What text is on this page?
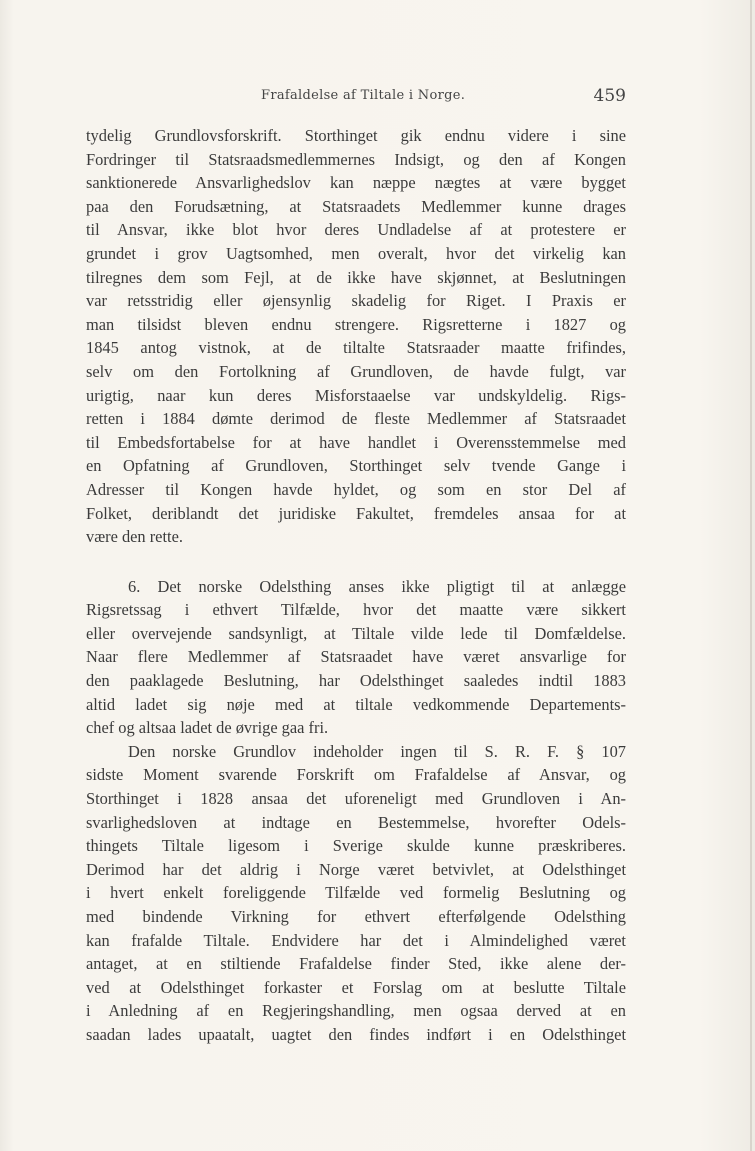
Frafaldelse af Tiltale i Norge.	459
tydelig Grundlovsforskrift. Storthinget gik endnu videre i sine
Fordringer til Statsraadsmedlemmernes Indsigt, og den af Kongen
sanktionerede Ansvarlighedslov kan næppe nægtes at være bygget
paa den Forudsætning, at Statsraadets Medlemmer kunne drages
til Ansvar, ikke blot hvor deres Undladelse af at protestere er
grundet i grov Uagtsomhed, men overalt, hvor det virkelig kan
tilregnes dem som Fejl, at de ikke have skjønnet, at Beslutningen
var retsstridig eller øjensynlig skadelig for Riget. I Praxis er
man tilsidst bleven endnu strengere. Rigsretterne i 1827 og
1845 antog vistnok, at de tiltalte Statsraader maatte frifindes,
selv om den Fortolkning af Grundloven, de havde fulgt, var
urigtig, naar kun deres Misforstaaelse var undskyldelig. Rigs-
retten i 1884 dømte derimod de fleste Medlemmer af Statsraadet
til Embedsfortabelse for at have handlet i Overensstemmelse med
en Opfatning af Grundloven, Storthinget selv tvende Gange i
Adresser til Kongen havde hyldet, og som en stor Del af
Folket, deriblandt det juridiske Fakultet, fremdeles ansaa for at
være den rette.
6. Det norske Odelsthing anses ikke pligtigt til at anlægge
Rigsretssag i ethvert Tilfælde, hvor det maatte være sikkert
eller overvejende sandsynligt, at Tiltale vilde lede til Domfældelse.
Naar flere Medlemmer af Statsraadet have været ansvarlige for
den paaklagede Beslutning, har Odelsthinget saaledes indtil 1883
altid ladet sig nøje med at tiltale vedkommende Departements-
chef og altsaa ladet de øvrige gaa fri.
Den norske Grundlov indeholder ingen til S. R. F. § 107
sidste Moment svarende Forskrift om Frafaldelse af Ansvar, og
Storthinget i 1828 ansaa det uforeneligt med Grundloven i An-
svarlighedsloven at indtage en Bestemmelse, hvorefter Odels-
thingets Tiltale ligesom i Sverige skulde kunne præskriberes.
Derimod har det aldrig i Norge været betvivlet, at Odelsthinget
i hvert enkelt foreliggende Tilfælde ved formelig Beslutning og
med bindende Virkning for ethvert efterfølgende Odelsthing
kan frafalde Tiltale. Endvidere har det i Almindelighed været
antaget, at en stiltiende Frafaldelse finder Sted, ikke alene der-
ved at Odelsthinget forkaster et Forslag om at beslutte Tiltale
i Anledning af en Regjeringshandling, men ogsaa derved at en
saadan lades upaatalt, uagtet den findes indført i en Odelsthinget
